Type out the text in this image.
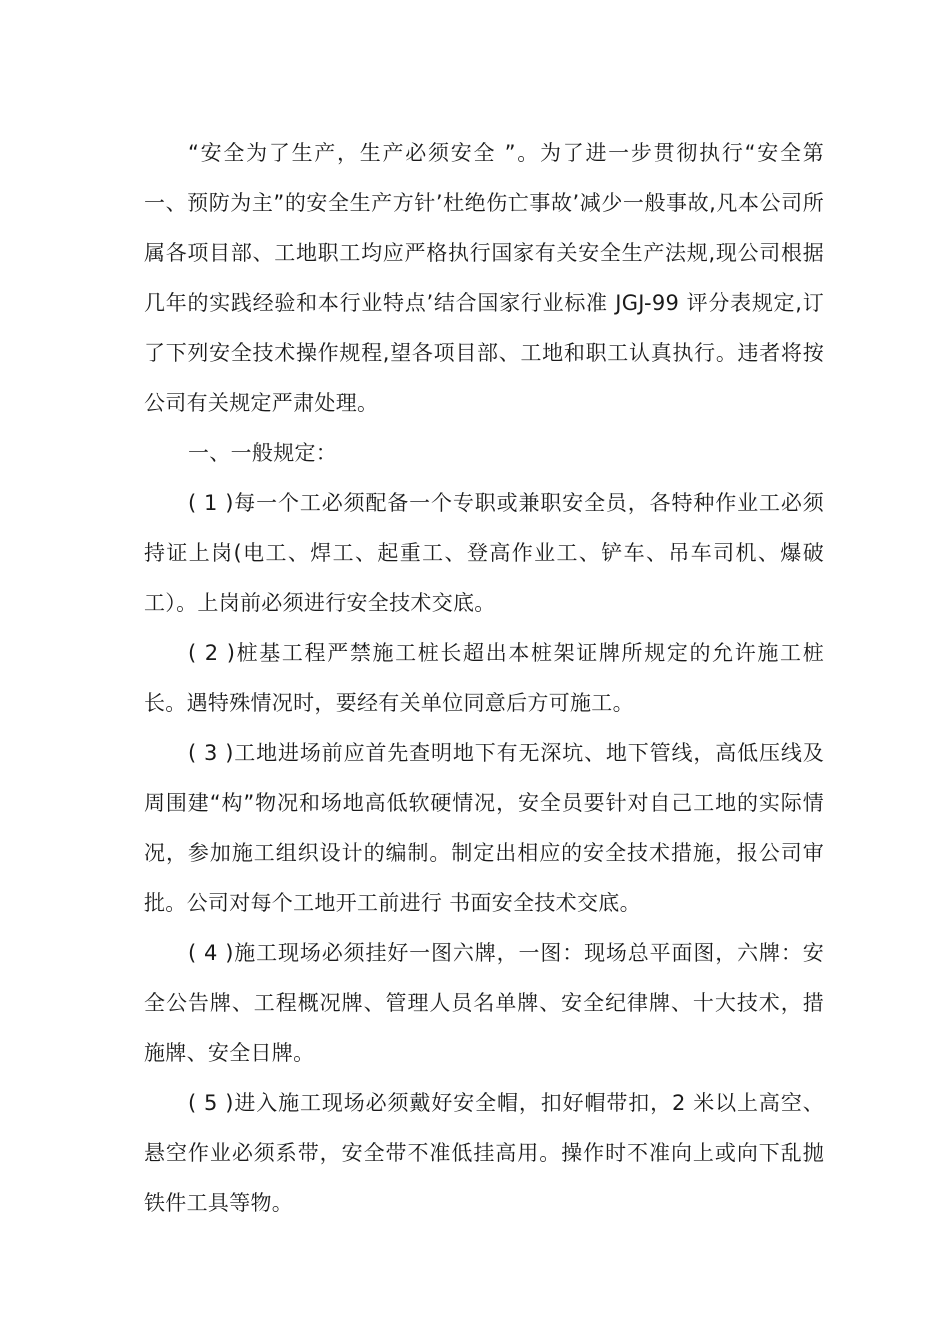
“安全为了生产，生产必须安全 ”。为了进一步贯彻执行“安全第一、预防为主”的安全生产方针’杜绝伤亡事故’减少一般事故,凡本公司所属各项目部、工地职工均应严格执行国家有关安全生产法规,现公司根据几年的实践经验和本行业特点’结合国家行业标准 JGJ-99 评分表规定,订了下列安全技术操作规程,望各项目部、工地和职工认真执行。违者将按公司有关规定严肃处理。

一、一般规定：

( 1 )每一个工必须配备一个专职或兼职安全员，各特种作业工必须持证上岗(电工、焊工、起重工、登高作业工、铲车、吊车司机、爆破工）。上岗前必须进行安全技术交底。

( 2 )桩基工程严禁施工桩长超出本桩架证牌所规定的允许施工桩长。遇特殊情况时，要经有关单位同意后方可施工。

( 3 )工地进场前应首先查明地下有无深坑、地下管线，高低压线及周围建“构”物况和场地高低软硬情况，安全员要针对自己工地的实际情况，参加施工组织设计的编制。制定出相应的安全技术措施，报公司审批。公司对每个工地开工前进行 书面安全技术交底。

( 4 )施工现场必须挂好一图六牌，一图：现场总平面图，六牌：安全公告牌、工程概况牌、管理人员名单牌、安全纪律牌、十大技术，措施牌、安全日牌。

( 5 )进入施工现场必须戴好安全帽，扣好帽带扣，2 米以上高空、悬空作业必须系带，安全带不准低挂高用。操作时不准向上或向下乱抛铁件工具等物。
